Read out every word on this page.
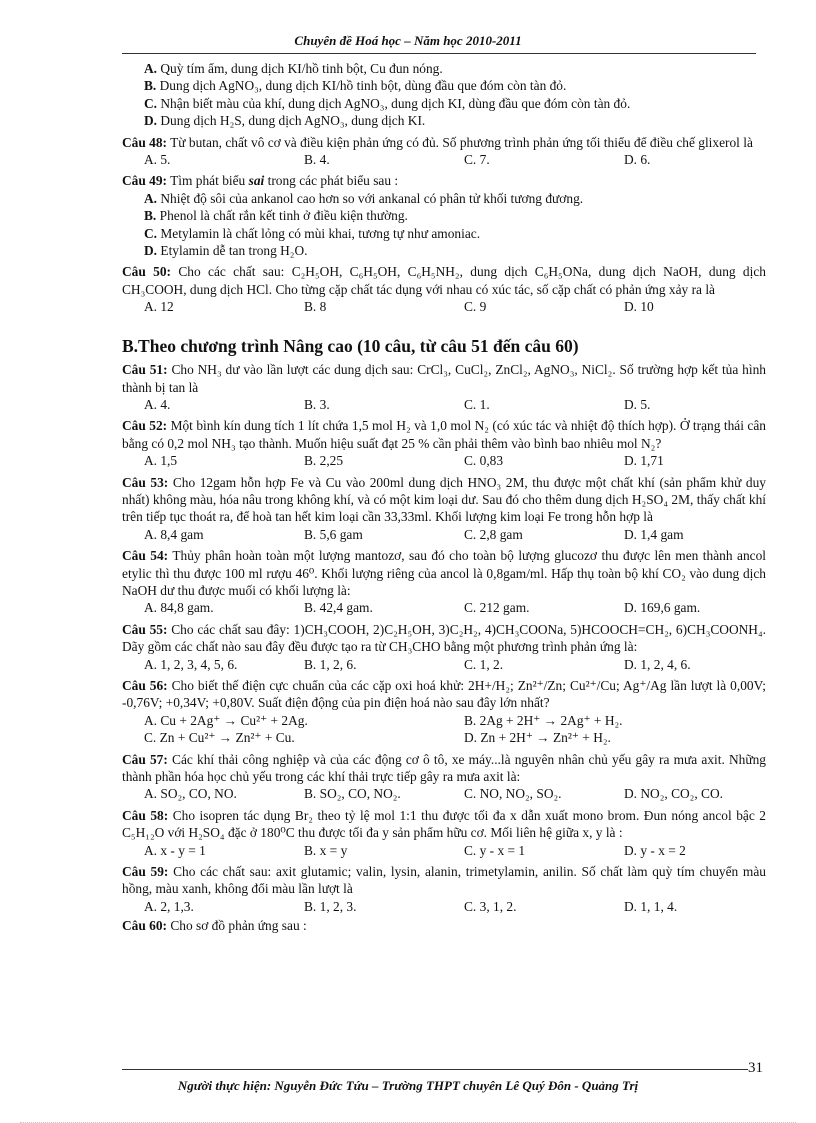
Chuyên đề Hoá học – Năm học 2010-2011
A. Quỳ tím ẩm, dung dịch KI/hồ tinh bột, Cu đun nóng.
B. Dung dịch AgNO₃, dung dịch KI/hồ tinh bột, dùng đầu que đóm còn tàn đỏ.
C. Nhận biết màu của khí, dung dịch AgNO₃, dung dịch KI, dùng đầu que đóm còn tàn đỏ.
D. Dung dịch H₂S, dung dịch AgNO₃, dung dịch KI.
Câu 48: Từ butan, chất vô cơ và điều kiện phản ứng có đủ. Số phương trình phản ứng tối thiểu để điều chế glixerol là
A. 5.	B. 4.	C. 7.	D. 6.
Câu 49: Tìm phát biểu sai trong các phát biểu sau :
A. Nhiệt độ sôi của ankanol cao hơn so với ankanal có phân tử khối tương đương.
B. Phenol là chất rắn kết tinh ở điều kiện thường.
C. Metylamin là chất lỏng có mùi khai, tương tự như amoniac.
D. Etylamin dễ tan trong H₂O.
Câu 50: Cho các chất sau: C₂H₅OH, C₆H₅OH, C₆H₅NH₂, dung dịch C₆H₅ONa, dung dịch NaOH, dung dịch CH₃COOH, dung dịch HCl. Cho từng cặp chất tác dụng với nhau có xúc tác, số cặp chất có phản ứng xảy ra là
A. 12	B. 8	C. 9	D. 10
B.Theo chương trình Nâng cao (10 câu, từ câu 51 đến câu 60)
Câu 51: Cho NH₃ dư vào lần lượt các dung dịch sau: CrCl₃, CuCl₂, ZnCl₂, AgNO₃, NiCl₂. Số trường hợp kết tủa hình thành bị tan là
A. 4.	B. 3.	C. 1.	D. 5.
Câu 52: Một bình kín dung tích 1 lít chứa 1,5 mol H₂ và 1,0 mol N₂ (có xúc tác và nhiệt độ thích hợp). Ở trạng thái cân bằng có 0,2 mol NH₃ tạo thành. Muốn hiệu suất đạt 25 % cần phải thêm vào bình bao nhiêu mol N₂?
A. 1,5	B. 2,25	C. 0,83	D. 1,71
Câu 53: Cho 12gam hỗn hợp Fe và Cu vào 200ml dung dịch HNO₃ 2M, thu được một chất khí (sản phẩm khử duy nhất) không màu, hóa nâu trong không khí, và có một kim loại dư. Sau đó cho thêm dung dịch H₂SO₄ 2M, thấy chất khí trên tiếp tục thoát ra, để hoà tan hết kim loại cần 33,33ml. Khối lượng kim loại Fe trong hỗn hợp là
A. 8,4 gam	B. 5,6 gam	C. 2,8 gam	D. 1,4 gam
Câu 54: Thủy phân hoàn toàn một lượng mantozơ, sau đó cho toàn bộ lượng glucozơ thu được lên men thành ancol etylic thì thu được 100 ml rượu 46⁰. Khối lượng riêng của ancol là 0,8gam/ml. Hấp thụ toàn bộ khí CO₂ vào dung dịch NaOH dư thu được muối có khối lượng là:
A. 84,8 gam.	B. 42,4 gam.	C. 212 gam.	D. 169,6 gam.
Câu 55: Cho các chất sau đây: 1)CH₃COOH, 2)C₂H₅OH, 3)C₂H₂, 4)CH₃COONa, 5)HCOOCH=CH₂, 6)CH₃COONH₄. Dãy gồm các chất nào sau đây đều được tạo ra từ CH₃CHO bằng một phương trình phản ứng là:
A. 1, 2, 3, 4, 5, 6.	B. 1, 2, 6.	C. 1, 2.	D. 1, 2, 4, 6.
Câu 56: Cho biết thế điện cực chuẩn của các cặp oxi hoá khử: 2H+/H₂; Zn²⁺/Zn; Cu²⁺/Cu; Ag⁺/Ag lần lượt là 0,00V; -0,76V; +0,34V; +0,80V. Suất điện động của pin điện hoá nào sau đây lớn nhất?
A. Cu + 2Ag⁺ → Cu²⁺ + 2Ag.	B. 2Ag + 2H⁺ → 2Ag⁺ + H₂.
C. Zn + Cu²⁺ → Zn²⁺ + Cu.	D. Zn + 2H⁺ → Zn²⁺ + H₂.
Câu 57: Các khí thải công nghiệp và của các động cơ ô tô, xe máy...là nguyên nhân chủ yếu gây ra mưa axit. Những thành phần hóa học chủ yếu trong các khí thải trực tiếp gây ra mưa axit là:
A. SO₂, CO, NO.	B. SO₂, CO, NO₂.	C. NO, NO₂, SO₂.	D. NO₂, CO₂, CO.
Câu 58: Cho isopren tác dụng Br₂ theo tỷ lệ mol 1:1 thu được tối đa x dẫn xuất mono brom. Đun nóng ancol bậc 2 C₅H₁₂O với H₂SO₄ đặc ở 180⁰C thu được tối đa y sản phẩm hữu cơ. Mối liên hệ giữa x, y là :
A. x - y = 1	B. x = y	C. y - x = 1	D. y - x = 2
Câu 59: Cho các chất sau: axit glutamic; valin, lysin, alanin, trimetylamin, anilin. Số chất làm quỳ tím chuyển màu hồng, màu xanh, không đổi màu lần lượt là
A. 2, 1,3.	B. 1, 2, 3.	C. 3, 1, 2.	D. 1, 1, 4.
Câu 60: Cho sơ đồ phản ứng sau :
31
Người thực hiện: Nguyễn Đức Tứu – Trường THPT chuyên Lê Quý Đôn - Quảng Trị
